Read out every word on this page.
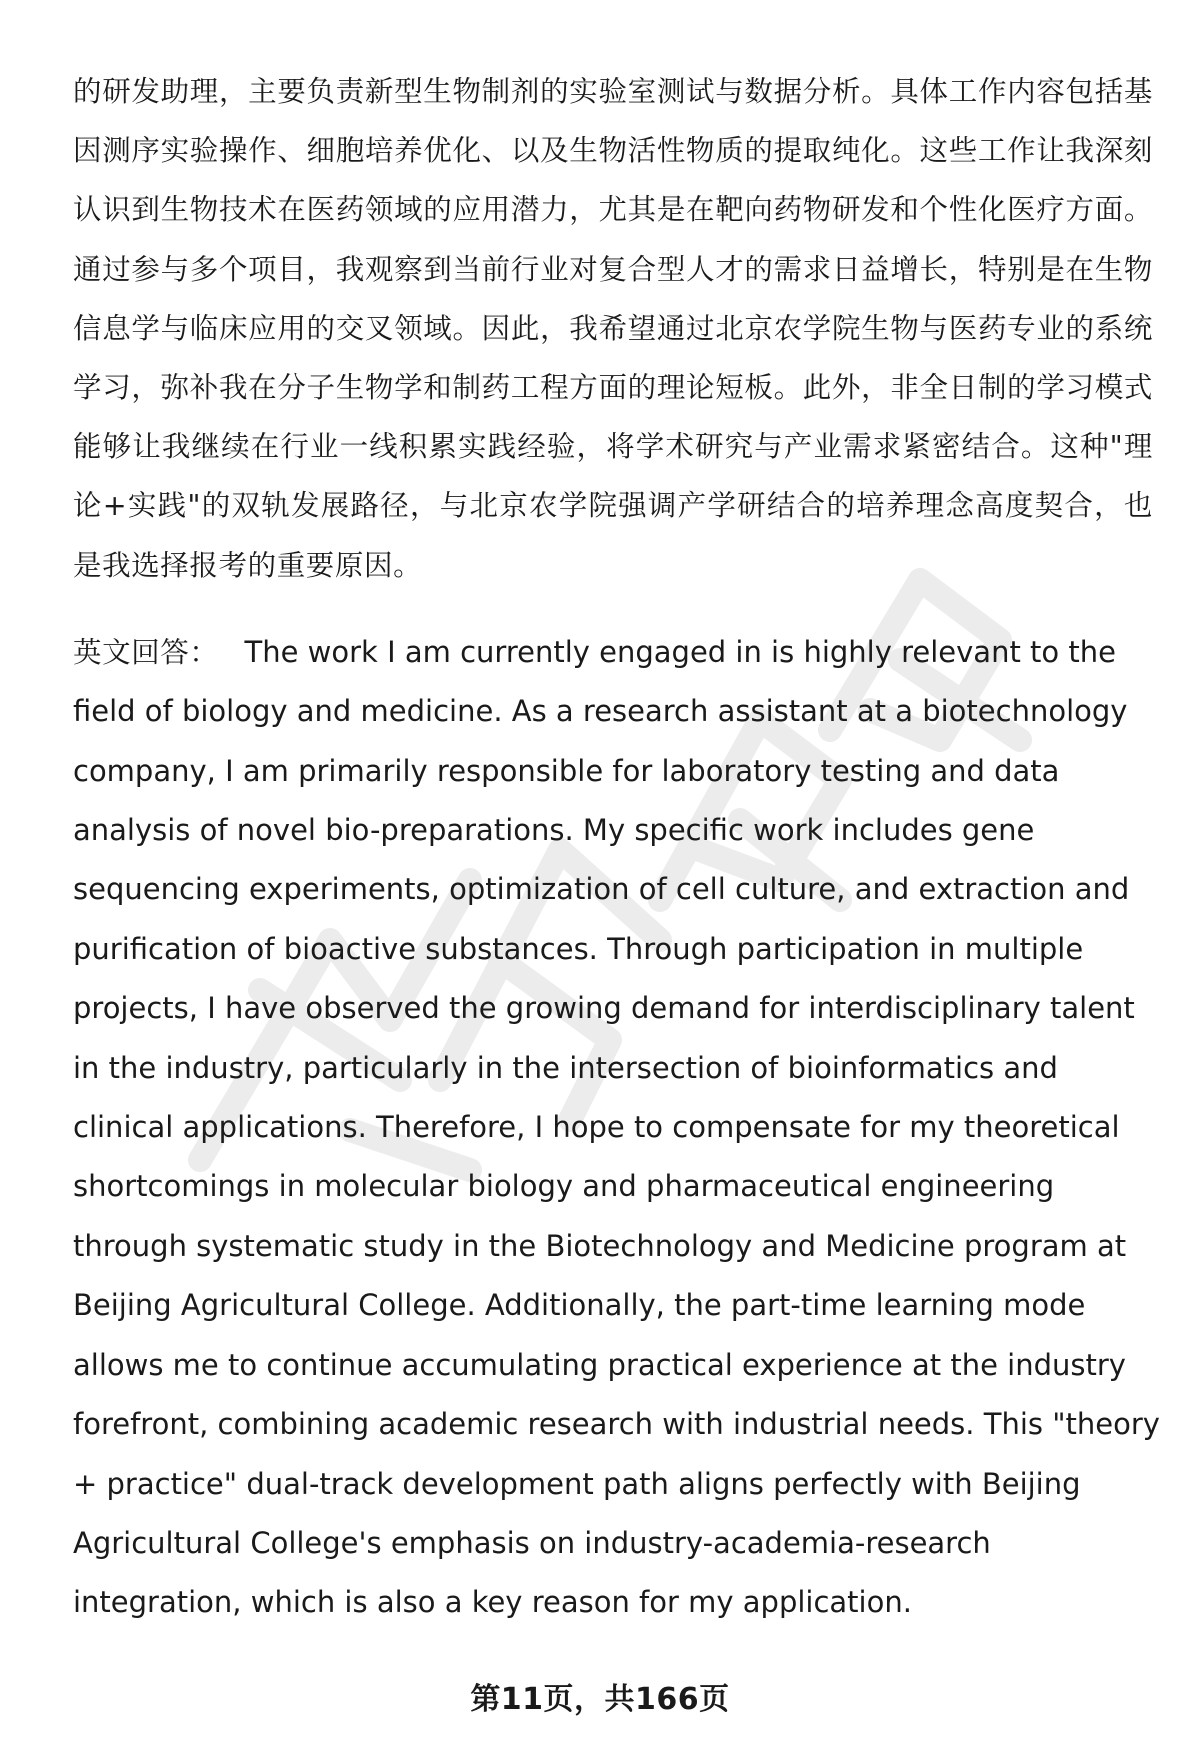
的研发助理，主要负责新型生物制剂的实验室测试与数据分析。具体工作内容包括基因测序实验操作、细胞培养优化、以及生物活性物质的提取纯化。这些工作让我深刻认识到生物技术在医药领域的应用潜力，尤其是在靶向药物研发和个性化医疗方面。通过参与多个项目，我观察到当前行业对复合型人才的需求日益增长，特别是在生物信息学与临床应用的交叉领域。因此，我希望通过北京农学院生物与医药专业的系统学习，弥补我在分子生物学和制药工程方面的理论短板。此外，非全日制的学习模式能够让我继续在行业一线积累实践经验，将学术研究与产业需求紧密结合。这种"理论+实践"的双轨发展路径，与北京农学院强调产学研结合的培养理念高度契合，也是我选择报考的重要原因。

英文回答： The work I am currently engaged in is highly relevant to the field of biology and medicine. As a research assistant at a biotechnology company, I am primarily responsible for laboratory testing and data analysis of novel bio-preparations. My specific work includes gene sequencing experiments, optimization of cell culture, and extraction and purification of bioactive substances. Through participation in multiple projects, I have observed the growing demand for interdisciplinary talent in the industry, particularly in the intersection of bioinformatics and clinical applications. Therefore, I hope to compensate for my theoretical shortcomings in molecular biology and pharmaceutical engineering through systematic study in the Biotechnology and Medicine program at Beijing Agricultural College. Additionally, the part-time learning mode allows me to continue accumulating practical experience at the industry forefront, combining academic research with industrial needs. This "theory + practice" dual-track development path aligns perfectly with Beijing Agricultural College's emphasis on industry-academia-research integration, which is also a key reason for my application.

第11页，共166页
